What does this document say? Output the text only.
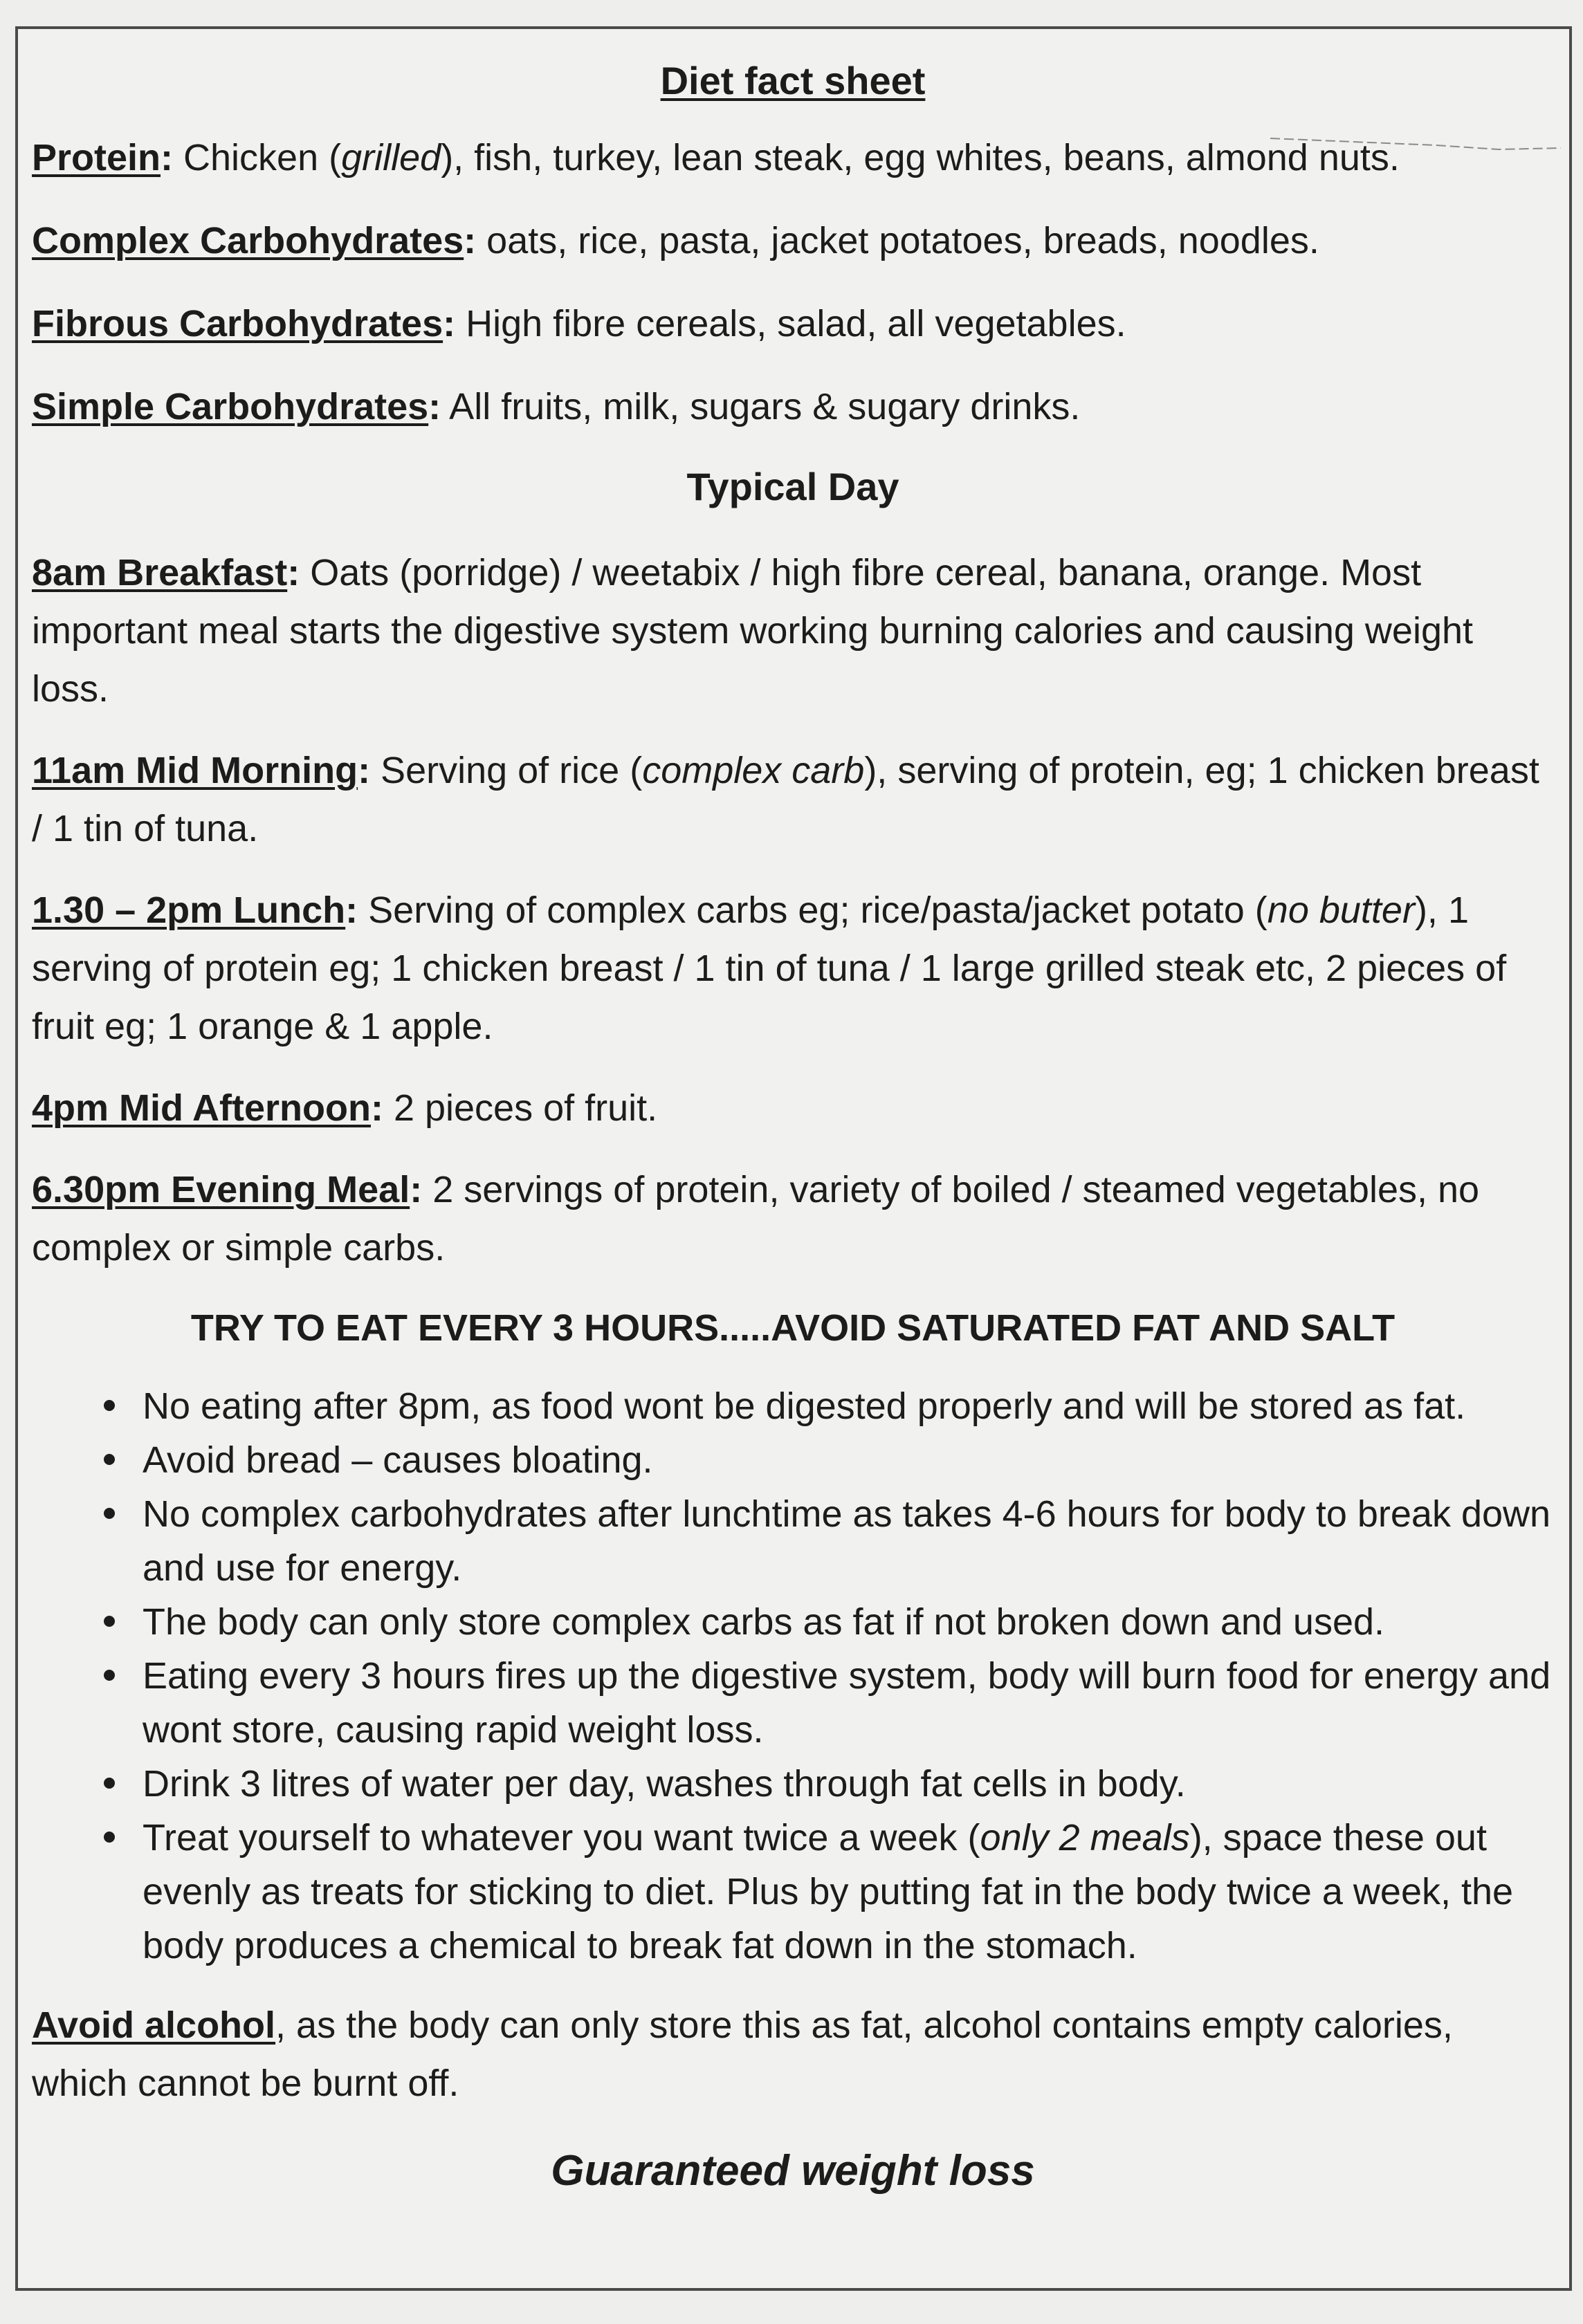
Diet fact sheet
Protein: Chicken (grilled), fish, turkey, lean steak, egg whites, beans, almond nuts.
Complex Carbohydrates: oats, rice, pasta, jacket potatoes, breads, noodles.
Fibrous Carbohydrates: High fibre cereals, salad, all vegetables.
Simple Carbohydrates: All fruits, milk, sugars & sugary drinks.
Typical Day
8am Breakfast: Oats (porridge) / weetabix / high fibre cereal, banana, orange. Most important meal starts the digestive system working burning calories and causing weight loss.
11am Mid Morning: Serving of rice (complex carb), serving of protein, eg; 1 chicken breast / 1 tin of tuna.
1.30 – 2pm Lunch: Serving of complex carbs eg; rice/pasta/jacket potato (no butter), 1 serving of protein eg; 1 chicken breast / 1 tin of tuna / 1 large grilled steak etc, 2 pieces of fruit eg; 1 orange & 1 apple.
4pm Mid Afternoon: 2 pieces of fruit.
6.30pm Evening Meal: 2 servings of protein, variety of boiled / steamed vegetables, no complex or simple carbs.
TRY TO EAT EVERY 3 HOURS.....AVOID SATURATED FAT AND SALT
No eating after 8pm, as food wont be digested properly and will be stored as fat.
Avoid bread – causes bloating.
No complex carbohydrates after lunchtime as takes 4-6 hours for body to break down and use for energy.
The body can only store complex carbs as fat if not broken down and used.
Eating every 3 hours fires up the digestive system, body will burn food for energy and wont store, causing rapid weight loss.
Drink 3 litres of water per day, washes through fat cells in body.
Treat yourself to whatever you want twice a week (only 2 meals), space these out evenly as treats for sticking to diet. Plus by putting fat in the body twice a week, the body produces a chemical to break fat down in the stomach.
Avoid alcohol, as the body can only store this as fat, alcohol contains empty calories, which cannot be burnt off.
Guaranteed weight loss
